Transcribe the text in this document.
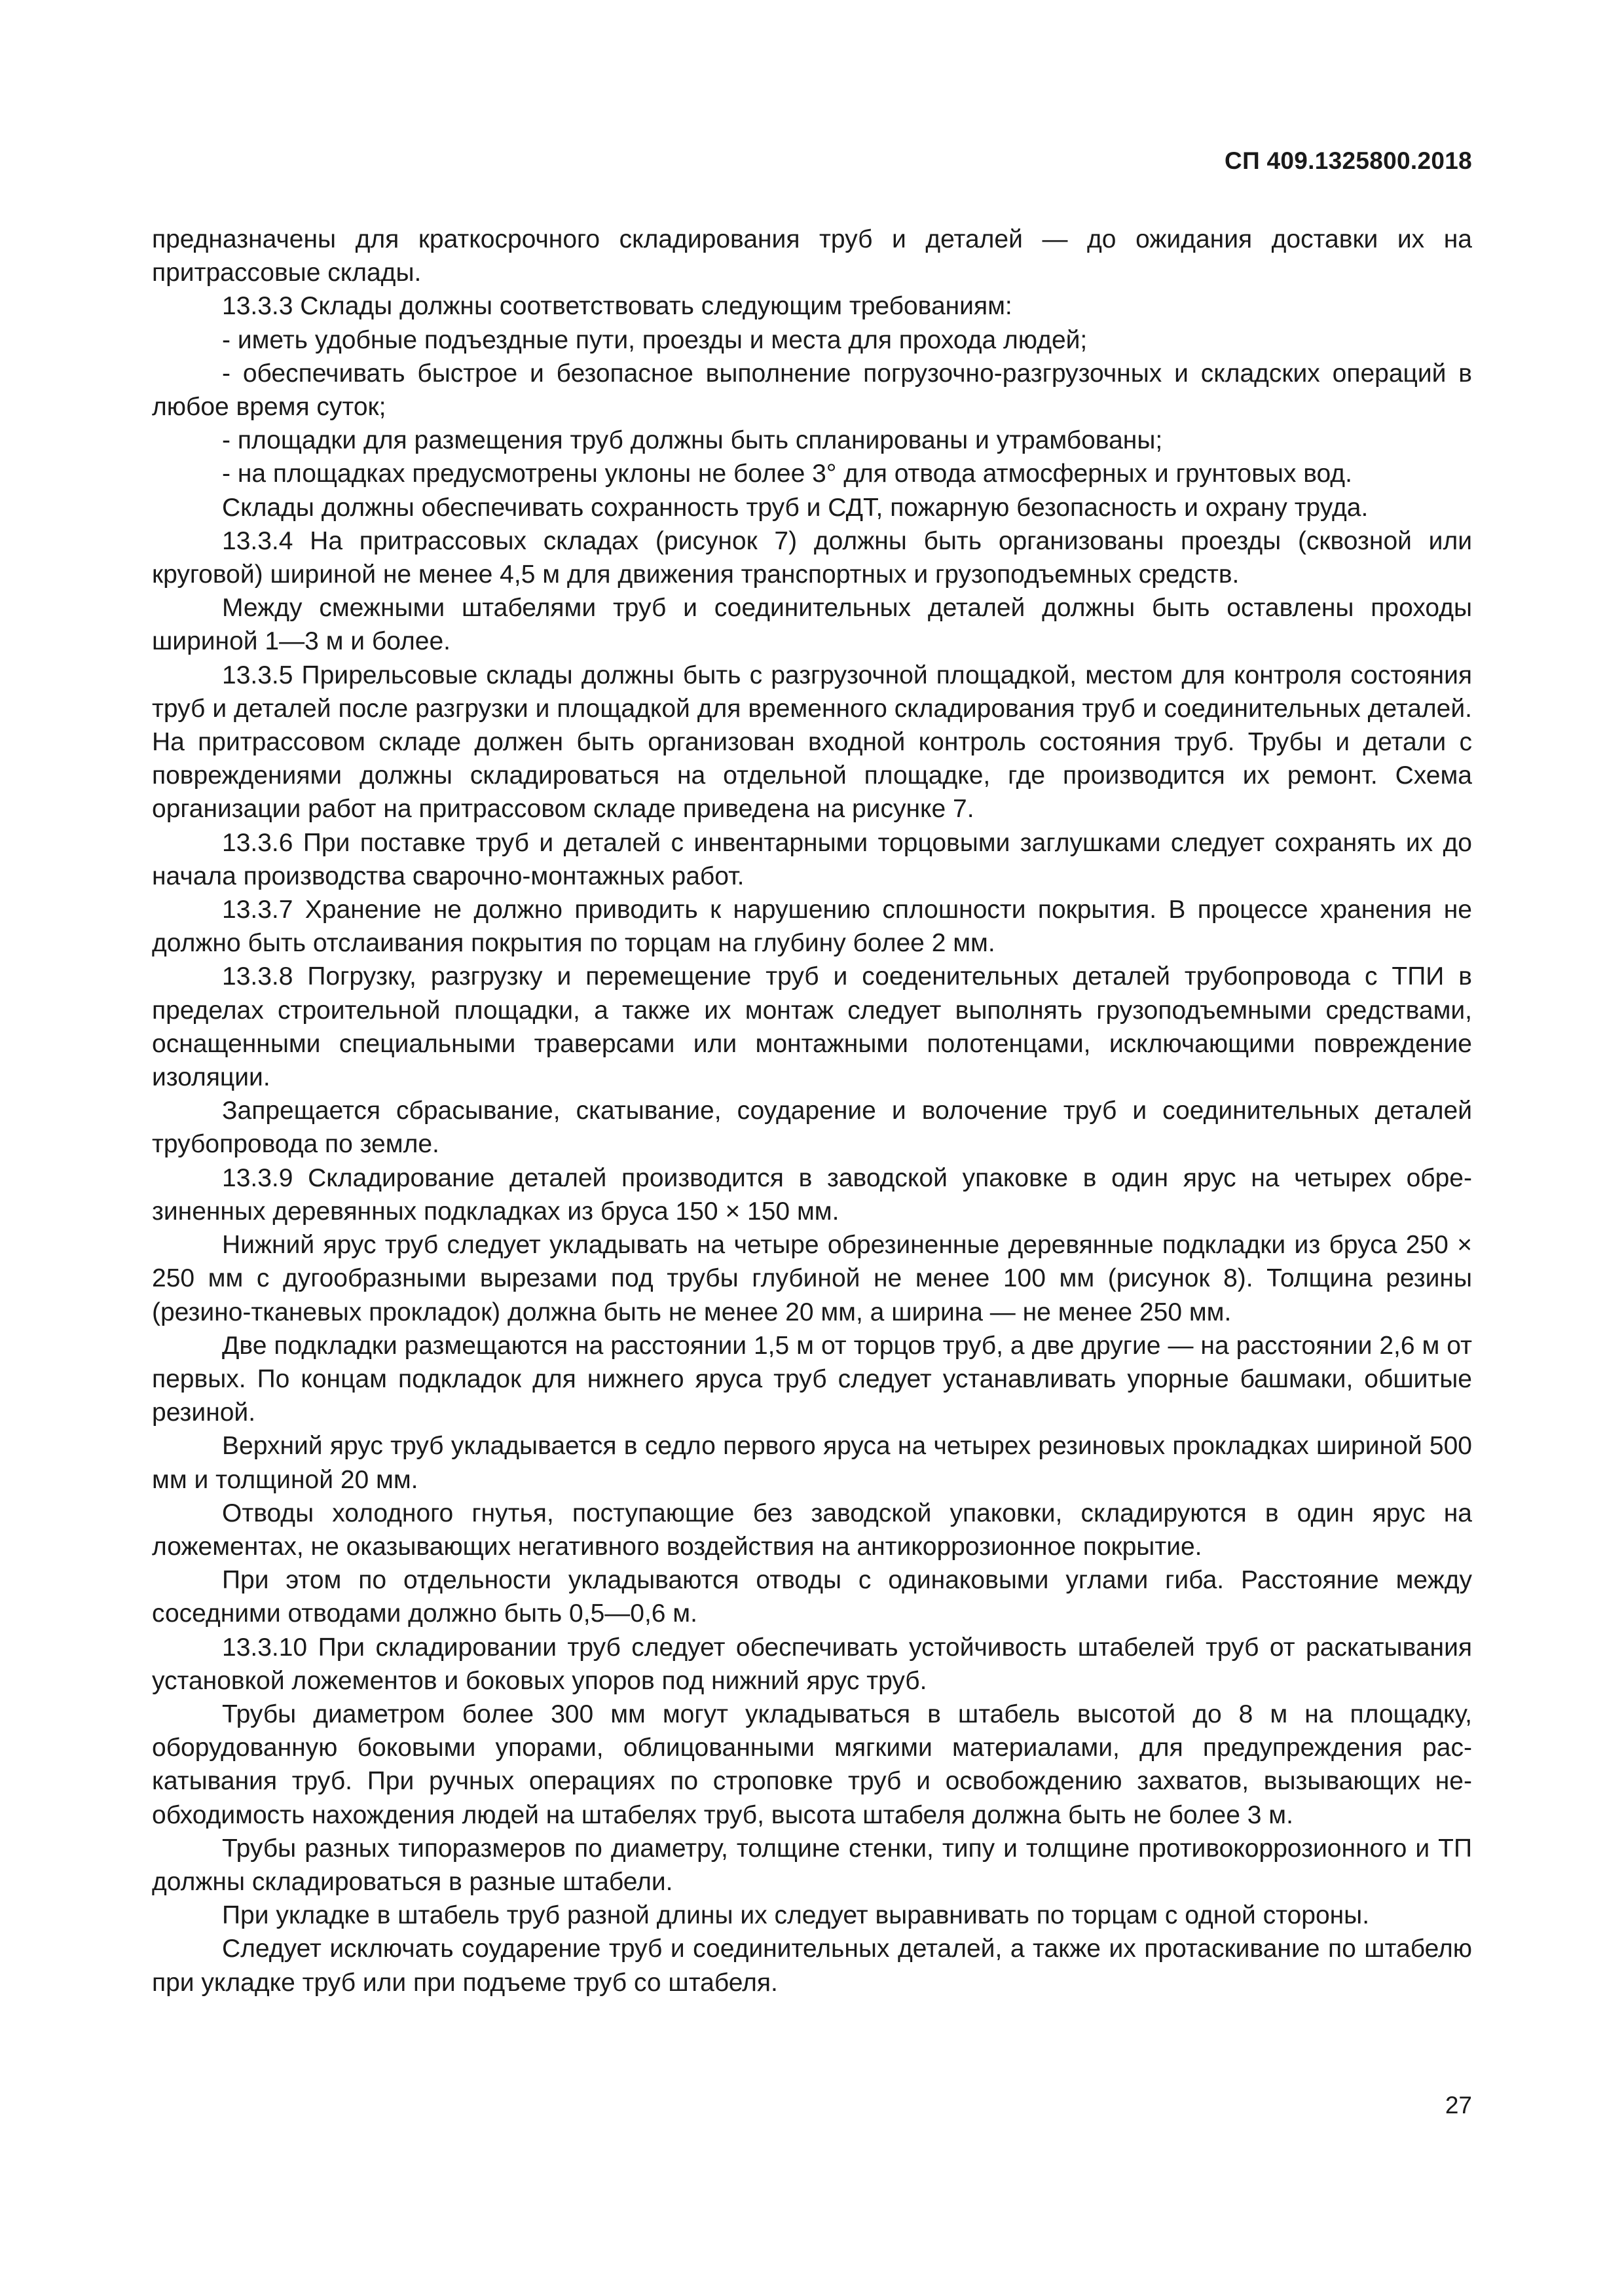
СП 409.1325800.2018

предназначены для краткосрочного складирования труб и деталей — до ожидания доставки их на притрассовые склады.

13.3.3 Склады должны соответствовать следующим требованиям:

- иметь удобные подъездные пути, проезды и места для прохода людей;

- обеспечивать быстрое и безопасное выполнение погрузочно-разгрузочных и складских операций в любое время суток;

- площадки для размещения труб должны быть спланированы и утрамбованы;

- на площадках предусмотрены уклоны не более 3° для отвода атмосферных и грунтовых вод.

Склады должны обеспечивать сохранность труб и СДТ, пожарную безопасность и охрану труда.

13.3.4 На притрассовых складах (рисунок 7) должны быть организованы проезды (сквозной или круговой) шириной не менее 4,5 м для движения транспортных и грузоподъемных средств.

Между смежными штабелями труб и соединительных деталей должны быть оставлены проходы шириной 1—3 м и более.

13.3.5 Прирельсовые склады должны быть с разгрузочной площадкой, местом для контроля состояния труб и деталей после разгрузки и площадкой для временного складирования труб и соединительных деталей. На притрассовом складе должен быть организован входной контроль состояния труб. Трубы и детали с повреждениями должны складироваться на отдельной площадке, где производится их ремонт. Схема организации работ на притрассовом складе приведена на рисунке 7.

13.3.6 При поставке труб и деталей с инвентарными торцовыми заглушками следует сохранять их до начала производства сварочно-монтажных работ.

13.3.7 Хранение не должно приводить к нарушению сплошности покрытия. В процессе хранения не должно быть отслаивания покрытия по торцам на глубину более 2 мм.

13.3.8 Погрузку, разгрузку и перемещение труб и соеденительных деталей трубопровода с ТПИ в пределах строительной площадки, а также их монтаж следует выполнять грузоподъемными средствами, оснащенными специальными траверсами или монтажными полотенцами, исключающими повреждение изоляции.

Запрещается сбрасывание, скатывание, соударение и волочение труб и соединительных деталей трубопровода по земле.

13.3.9 Складирование деталей производится в заводской упаковке в один ярус на четырех обрезиненных деревянных подкладках из бруса 150 × 150 мм.

Нижний ярус труб следует укладывать на четыре обрезиненные деревянные подкладки из бруса 250 × 250 мм с дугообразными вырезами под трубы глубиной не менее 100 мм (рисунок 8). Толщина резины (резино-тканевых прокладок) должна быть не менее 20 мм, а ширина — не менее 250 мм.

Две подкладки размещаются на расстоянии 1,5 м от торцов труб, а две другие — на расстоянии 2,6 м от первых. По концам подкладок для нижнего яруса труб следует устанавливать упорные башмаки, обшитые резиной.

Верхний ярус труб укладывается в седло первого яруса на четырех резиновых прокладках шириной 500 мм и толщиной 20 мм.

Отводы холодного гнутья, поступающие без заводской упаковки, складируются в один ярус на ложементах, не оказывающих негативного воздействия на антикоррозионное покрытие.

При этом по отдельности укладываются отводы с одинаковыми углами гиба. Расстояние между соседними отводами должно быть 0,5—0,6 м.

13.3.10 При складировании труб следует обеспечивать устойчивость штабелей труб от раскатывания установкой ложементов и боковых упоров под нижний ярус труб.

Трубы диаметром более 300 мм могут укладываться в штабель высотой до 8 м на площадку, оборудованную боковыми упорами, облицованными мягкими материалами, для предупреждения раскатывания труб. При ручных операциях по строповке труб и освобождению захватов, вызывающих необходимость нахождения людей на штабелях труб, высота штабеля должна быть не более 3 м.

Трубы разных типоразмеров по диаметру, толщине стенки, типу и толщине противокоррозионного и ТП должны складироваться в разные штабели.

При укладке в штабель труб разной длины их следует выравнивать по торцам с одной стороны.

Следует исключать соударение труб и соединительных деталей, а также их протаскивание по штабелю при укладке труб или при подъеме труб со штабеля.

27
